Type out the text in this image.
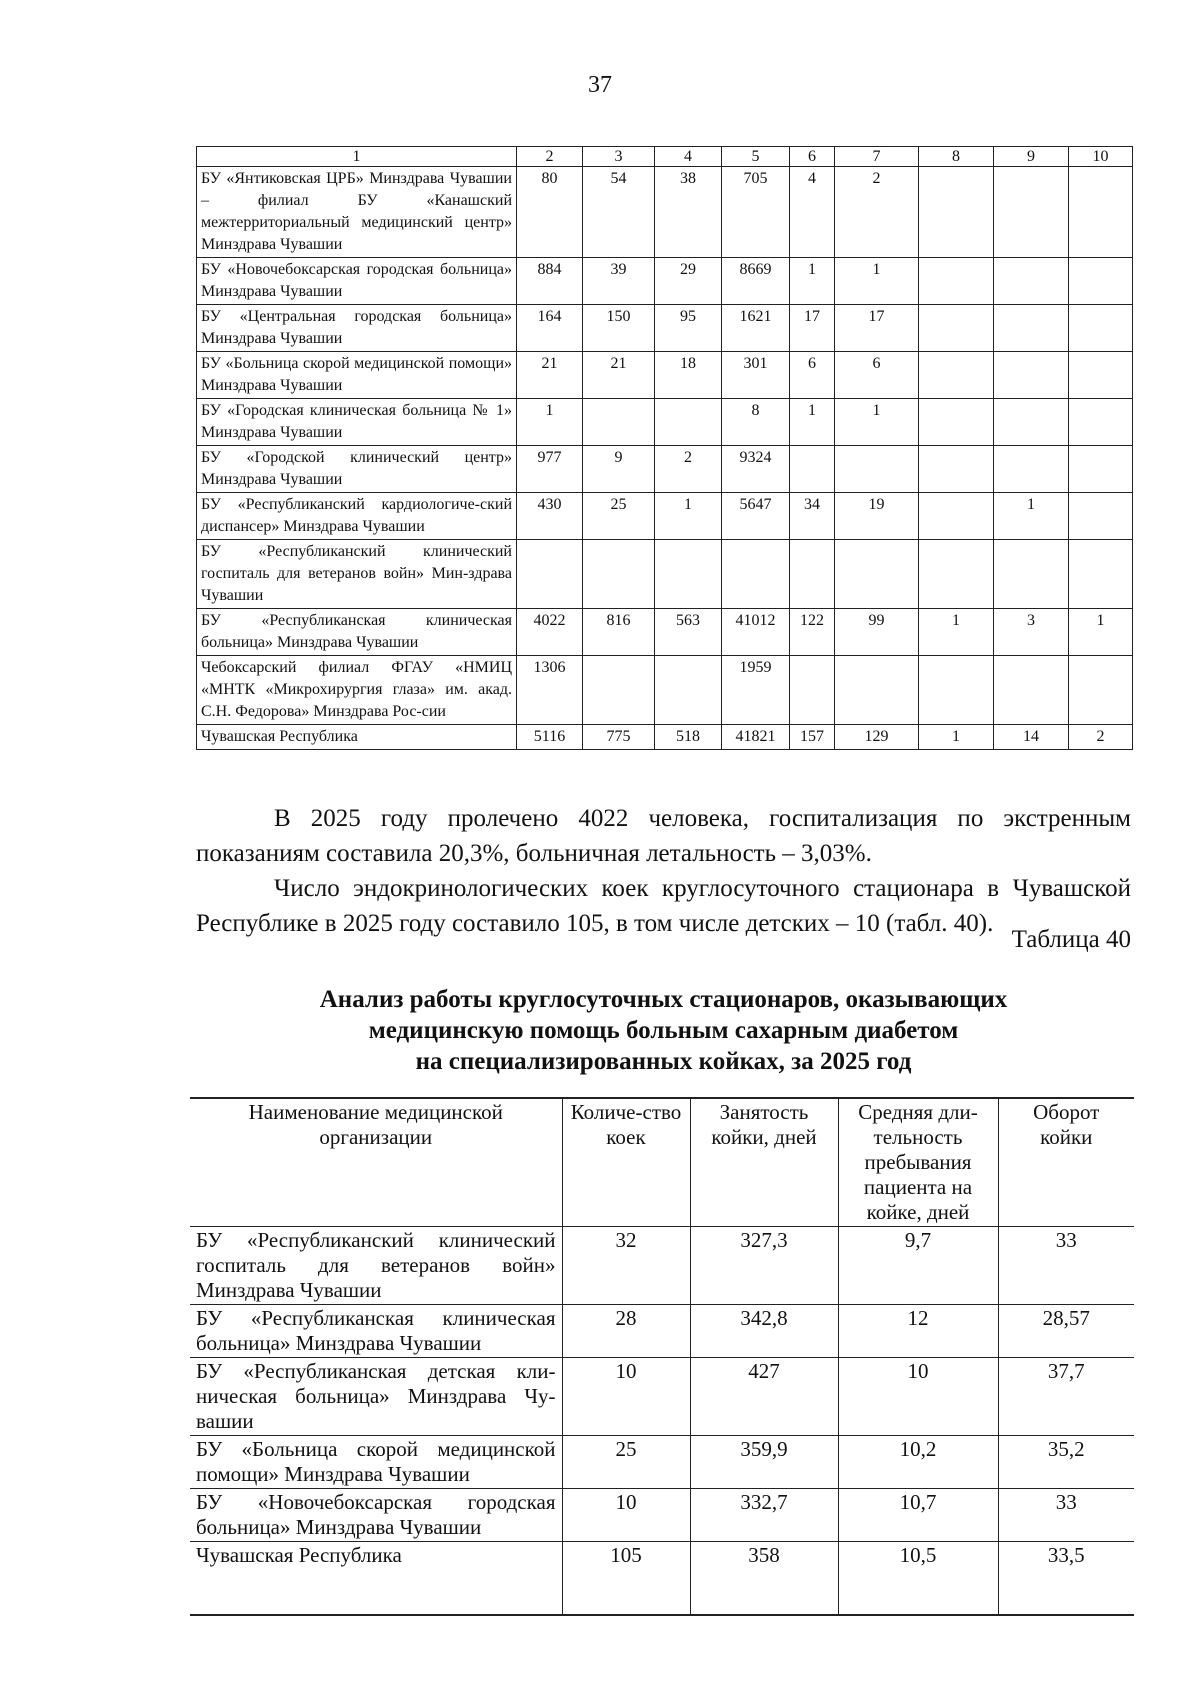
37
1	2	3	4	5	6	7	8	9	10
БУ «Янтиковская ЦРБ» Минздрава Чувашии – филиал БУ «Канашский межтерриториальный медицинский центр» Минздрава Чувашии	80	54	38	705	4	2			
БУ «Новочебоксарская городская больница» Минздрава Чувашии	884	39	29	8669	1	1			
БУ «Центральная городская больница» Минздрава Чувашии	164	150	95	1621	17	17			
БУ «Больница скорой медицинской помощи» Минздрава Чувашии	21	21	18	301	6	6			
БУ «Городская клиническая больница № 1» Минздрава Чувашии	1			8	1	1			
БУ «Городской клинический центр» Минздрава Чувашии	977	9	2	9324					
БУ «Республиканский кардиологиче-ский диспансер» Минздрава Чувашии	430	25	1	5647	34	19		1	
БУ «Республиканский клинический госпиталь для ветеранов войн» Мин-здрава Чувашии									
БУ «Республиканская клиническая больница» Минздрава Чувашии	4022	816	563	41012	122	99	1	3	1
Чебоксарский филиал ФГАУ «НМИЦ «МНТК «Микрохирургия глаза» им. акад. С.Н. Федорова» Минздрава Рос-сии	1306			1959					
Чувашская Республика	5116	775	518	41821	157	129	1	14	2

В 2025 году пролечено 4022 человека, госпитализация по экстренным показаниям составила 20,3%, больничная летальность – 3,03%.

Число эндокринологических коек круглосуточного стационара в Чувашской Республике в 2025 году составило 105, в том числе детских – 10 (табл. 40).

Таблица 40
Анализ работы круглосуточных стационаров, оказывающих
медицинскую помощь больным сахарным диабетом
на специализированных койках, за 2025 год
Наименование медицинской организации	Количе-ство коек	Занятость койки, дней	Средняя дли-тельность пребывания пациента на койке, дней	Оборот койки
БУ «Республиканский клинический госпиталь для ветеранов войн» Минздрава Чувашии	32	327,3	9,7	33
БУ «Республиканская клиническая больница» Минздрава Чувашии	28	342,8	12	28,57
БУ «Республиканская детская кли-ническая больница» Минздрава Чу-вашии	10	427	10	37,7
БУ «Больница скорой медицинской помощи» Минздрава Чувашии	25	359,9	10,2	35,2
БУ «Новочебоксарская городская больница» Минздрава Чувашии	10	332,7	10,7	33
Чувашская Республика	105	358	10,5	33,5
